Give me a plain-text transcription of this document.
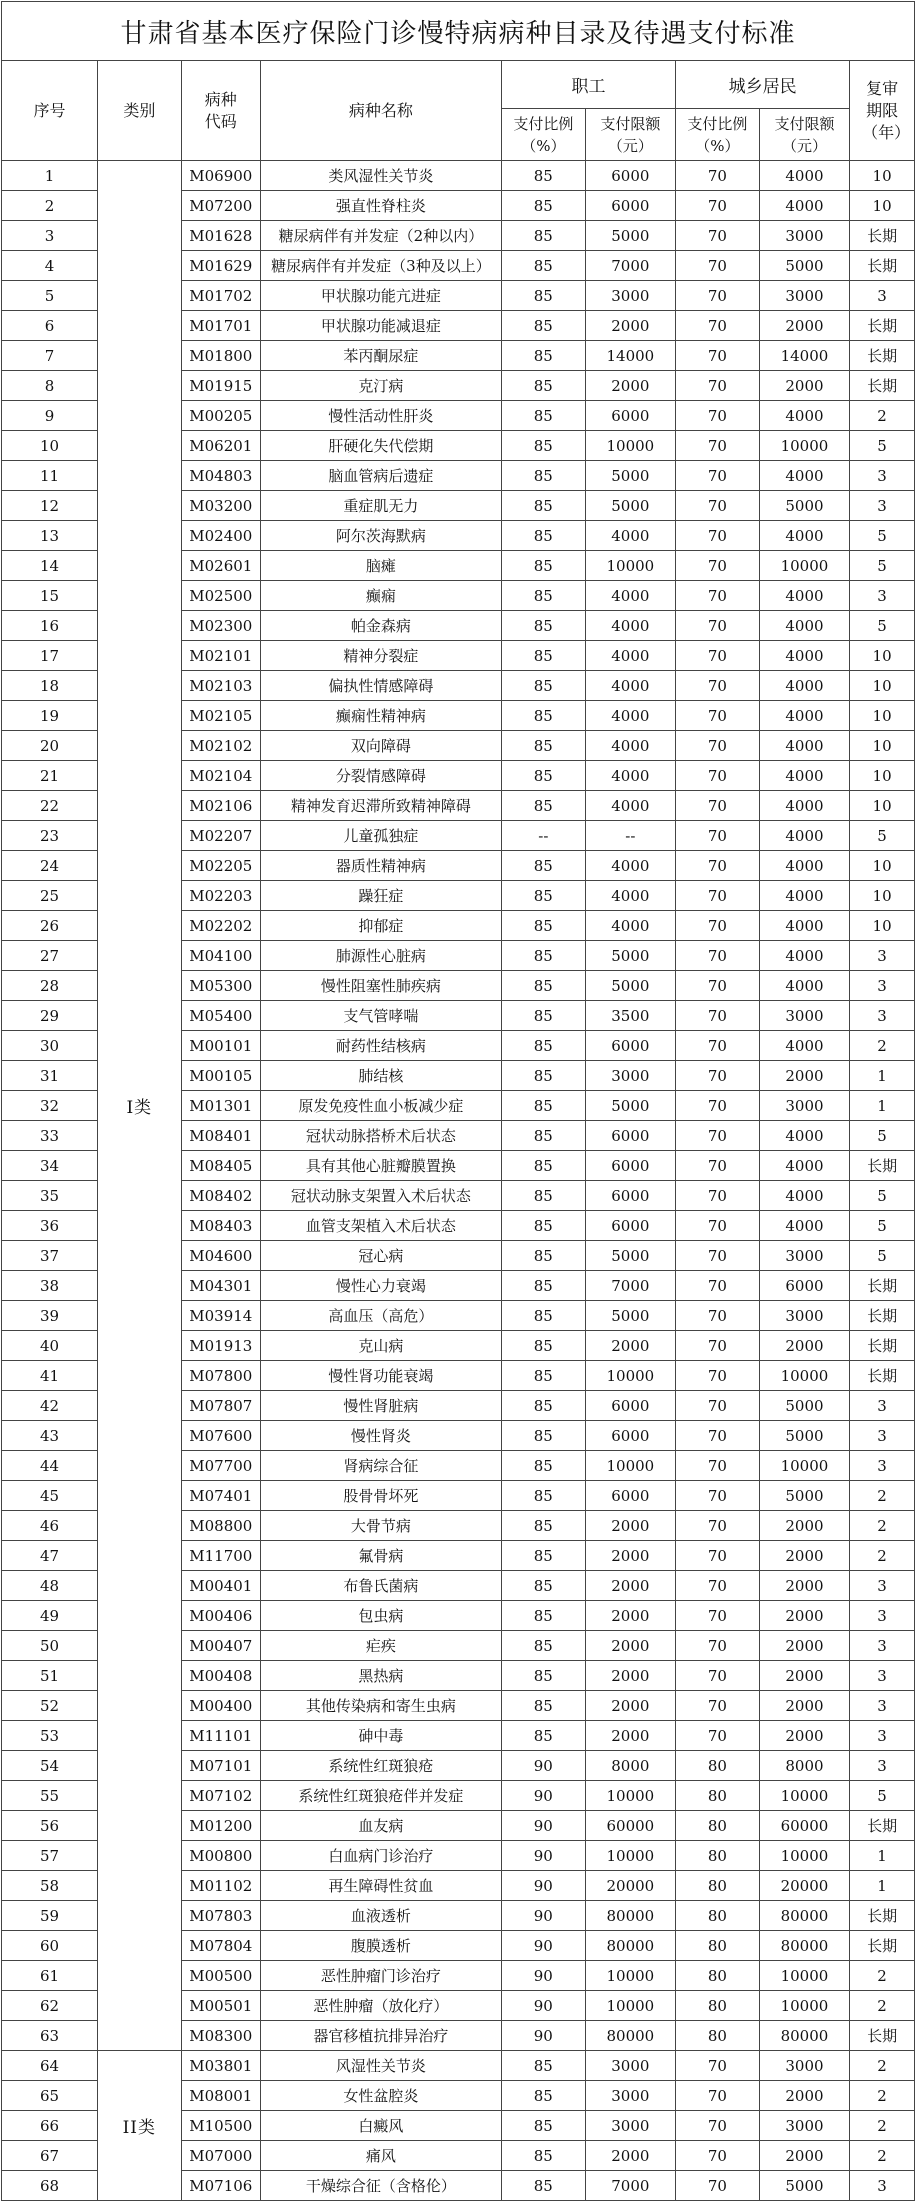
甘肃省基本医疗保险门诊慢特病病种目录及待遇支付标准								
序号	类别	病种代码	病种名称	职工		城乡居民		复审期限（年）
				支付比例（%）	支付限额（元）	支付比例（%）	支付限额（元）	
1	I类	M06900	类风湿性关节炎	85	6000	70	4000	10
2		M07200	强直性脊柱炎	85	6000	70	4000	10
3		M01628	糖尿病伴有并发症（2种以内）	85	5000	70	3000	长期
4		M01629	糖尿病伴有并发症（3种及以上）	85	7000	70	5000	长期
5		M01702	甲状腺功能亢进症	85	3000	70	3000	3
6		M01701	甲状腺功能减退症	85	2000	70	2000	长期
7		M01800	苯丙酮尿症	85	14000	70	14000	长期
8		M01915	克汀病	85	2000	70	2000	长期
9		M00205	慢性活动性肝炎	85	6000	70	4000	2
10		M06201	肝硬化失代偿期	85	10000	70	10000	5
11		M04803	脑血管病后遗症	85	5000	70	4000	3
12		M03200	重症肌无力	85	5000	70	5000	3
13		M02400	阿尔茨海默病	85	4000	70	4000	5
14		M02601	脑瘫	85	10000	70	10000	5
15		M02500	癫痫	85	4000	70	4000	3
16		M02300	帕金森病	85	4000	70	4000	5
17		M02101	精神分裂症	85	4000	70	4000	10
18		M02103	偏执性情感障碍	85	4000	70	4000	10
19		M02105	癫痫性精神病	85	4000	70	4000	10
20		M02102	双向障碍	85	4000	70	4000	10
21		M02104	分裂情感障碍	85	4000	70	4000	10
22		M02106	精神发育迟滞所致精神障碍	85	4000	70	4000	10
23		M02207	儿童孤独症	--	--	70	4000	5
24		M02205	器质性精神病	85	4000	70	4000	10
25		M02203	躁狂症	85	4000	70	4000	10
26		M02202	抑郁症	85	4000	70	4000	10
27		M04100	肺源性心脏病	85	5000	70	4000	3
28		M05300	慢性阻塞性肺疾病	85	5000	70	4000	3
29		M05400	支气管哮喘	85	3500	70	3000	3
30		M00101	耐药性结核病	85	6000	70	4000	2
31		M00105	肺结核	85	3000	70	2000	1
32		M01301	原发免疫性血小板减少症	85	5000	70	3000	1
33		M08401	冠状动脉搭桥术后状态	85	6000	70	4000	5
34		M08405	具有其他心脏瓣膜置换	85	6000	70	4000	长期
35		M08402	冠状动脉支架置入术后状态	85	6000	70	4000	5
36		M08403	血管支架植入术后状态	85	6000	70	4000	5
37		M04600	冠心病	85	5000	70	3000	5
38		M04301	慢性心力衰竭	85	7000	70	6000	长期
39		M03914	高血压（高危）	85	5000	70	3000	长期
40		M01913	克山病	85	2000	70	2000	长期
41		M07800	慢性肾功能衰竭	85	10000	70	10000	长期
42		M07807	慢性肾脏病	85	6000	70	5000	3
43		M07600	慢性肾炎	85	6000	70	5000	3
44		M07700	肾病综合征	85	10000	70	10000	3
45		M07401	股骨骨坏死	85	6000	70	5000	2
46		M08800	大骨节病	85	2000	70	2000	2
47		M11700	氟骨病	85	2000	70	2000	2
48		M00401	布鲁氏菌病	85	2000	70	2000	3
49		M00406	包虫病	85	2000	70	2000	3
50		M00407	疟疾	85	2000	70	2000	3
51		M00408	黑热病	85	2000	70	2000	3
52		M00400	其他传染病和寄生虫病	85	2000	70	2000	3
53		M11101	砷中毒	85	2000	70	2000	3
54		M07101	系统性红斑狼疮	90	8000	80	8000	3
55		M07102	系统性红斑狼疮伴并发症	90	10000	80	10000	5
56		M01200	血友病	90	60000	80	60000	长期
57		M00800	白血病门诊治疗	90	10000	80	10000	1
58		M01102	再生障碍性贫血	90	20000	80	20000	1
59		M07803	血液透析	90	80000	80	80000	长期
60		M07804	腹膜透析	90	80000	80	80000	长期
61		M00500	恶性肿瘤门诊治疗	90	10000	80	10000	2
62		M00501	恶性肿瘤（放化疗）	90	10000	80	10000	2
63		M08300	器官移植抗排异治疗	90	80000	80	80000	长期
64	II类	M03801	风湿性关节炎	85	3000	70	3000	2
65		M08001	女性盆腔炎	85	3000	70	2000	2
66		M10500	白癜风	85	3000	70	3000	2
67		M07000	痛风	85	2000	70	2000	2
68		M07106	干燥综合征（含格伦）	85	7000	70	5000	3
